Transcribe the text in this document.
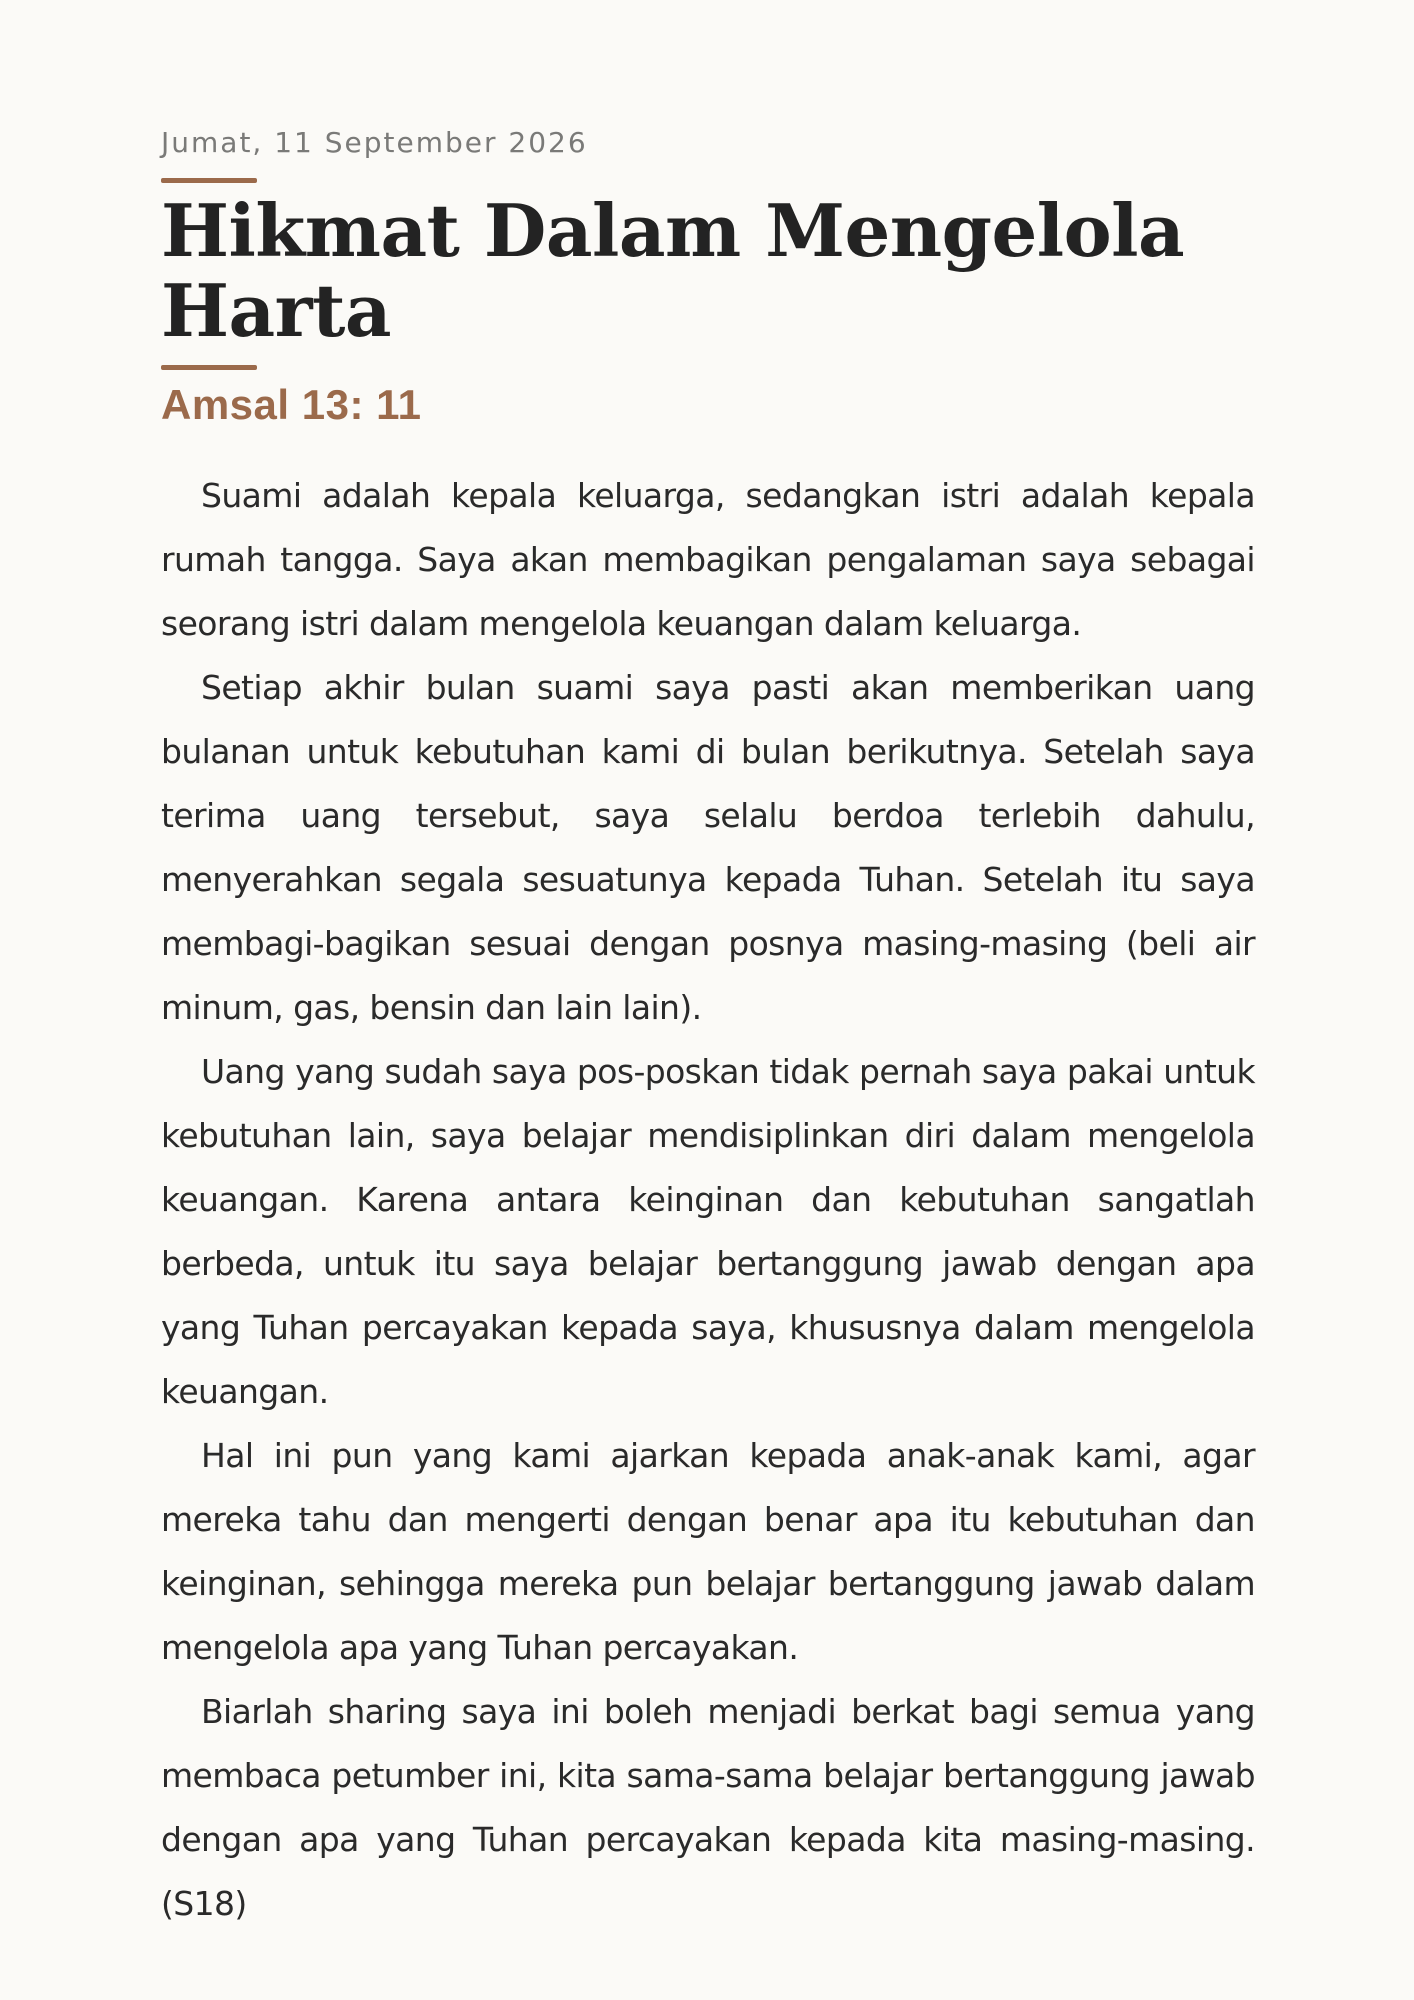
Jumat, 11 September 2026

Hikmat Dalam Mengelola Harta
Amsal 13: 11

Suami adalah kepala keluarga, sedangkan istri adalah kepala rumah tangga. Saya akan membagikan pengalaman saya sebagai seorang istri dalam mengelola keuangan dalam keluarga.

Setiap akhir bulan suami saya pasti akan memberikan uang bulanan untuk kebutuhan kami di bulan berikutnya. Setelah saya terima uang tersebut, saya selalu berdoa terlebih dahulu, menyerahkan segala sesuatunya kepada Tuhan. Setelah itu saya membagi-bagikan sesuai dengan posnya masing-masing (beli air minum, gas, bensin dan lain lain).

Uang yang sudah saya pos-poskan tidak pernah saya pakai untuk kebutuhan lain, saya belajar mendisiplinkan diri dalam mengelola keuangan. Karena antara keinginan dan kebutuhan sangatlah berbeda, untuk itu saya belajar bertanggung jawab dengan apa yang Tuhan percayakan kepada saya, khususnya dalam mengelola keuangan.

Hal ini pun yang kami ajarkan kepada anak-anak kami, agar mereka tahu dan mengerti dengan benar apa itu kebutuhan dan keinginan, sehingga mereka pun belajar bertanggung jawab dalam mengelola apa yang Tuhan percayakan.

Biarlah sharing saya ini boleh menjadi berkat bagi semua yang membaca petumber ini, kita sama-sama belajar bertanggung jawab dengan apa yang Tuhan percayakan kepada kita masing-masing. (S18)
